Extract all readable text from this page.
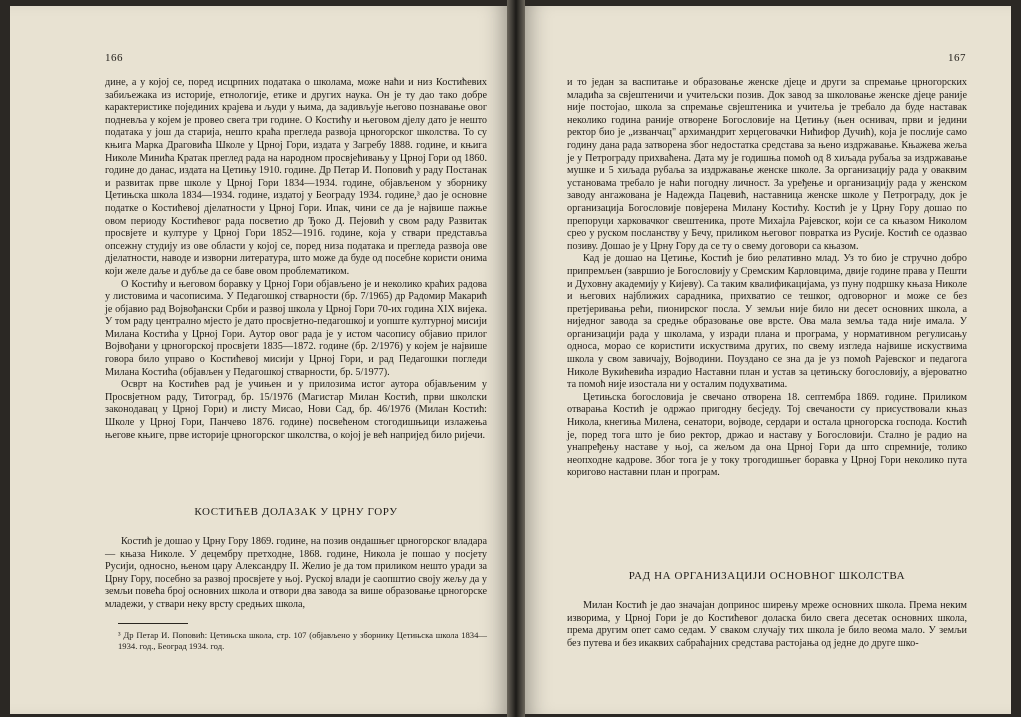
166

дине, а у којој се, поред исцрпних података о школама, може наћи и низ Костићевих забиљежака из историје, етнологије, етике и других наука. Он је ту дао тако добре карактеристике појединих крајева и људи у њима, да задивљује његово познавање овог подневља у којем је провео свега три године. О Костићу и његовом дјелу дато је нешто података у још да старија, нешто краћа прегледа развоја црногорског школства. То су књига Марка Драговића Школе у Црној Гори, издата у Загребу 1888. године, и књига Николе Минића Кратак преглед рада на народном просвјећивању у Црној Гори од 1860. године до данас, издата на Цетињу 1910. године. Др Петар И. Поповић у раду Постанак и развитак прве школе у Црној Гори 1834—1934. године, објављеном у зборнику Цетињска школа 1834—1934. године, издатој у Београду 1934. године,³ дао је основне податке о Костићевој дјелатности у Црној Гори. Ипак, чини се да је највише пажње овом периоду Костићевог рада посветио др Ђоко Д. Пејовић у свом раду Развитак просвјете и културе у Црној Гори 1852—1916. године, која у ствари представља опсежну студију из ове области у којој се, поред низа података и прегледа развоја ове дјелатности, наводе и изворни литература, што може да буде од посебне користи онима који желе даље и дубље да се баве овом проблематиком.

О Костићу и његовом боравку у Црној Гори објављено је и неколико краћих радова у листовима и часописима. У Педагошкој стварности (бр. 7/1965) др Радомир Макарић је објавио рад Војвођански Срби и развој школа у Црној Гори 70-их година XIX вијека. У том раду централно мјесто је дато просвјетно-педагошкој и уопште културној мисији Милана Костића у Црној Гори. Аутор овог рада је у истом часопису објавио прилог Војвођани у црногорској просвјети 1835—1872. године (бр. 2/1976) у којем је највише говора било управо о Костићевој мисији у Црној Гори, и рад Педагошки погледи Милана Костића (објављен у Педагошкој стварности, бр. 5/1977).

Осврт на Костићев рад је учињен и у прилозима истог аутора објављеним у Просвјетном раду, Титоград, бр. 15/1976 (Магистар Милан Костић, први школски законодавац у Црној Гори) и листу Мисао, Нови Сад, бр. 46/1976 (Милан Костић: Школе у Црној Гори, Панчево 1876. године) посвећеном стогодишњици излажења његове књиге, прве историје црногорског школства, о којој је већ напријед било ријечи.

КОСТИЋЕВ ДОЛАЗАК У ЦРНУ ГОРУ

Костић је дошао у Црну Гору 1869. године, на позив ондашњег црногорског владара — књаза Николе. У децембру претходне, 1868. године, Никола је пошао у посјету Русији, односно, њеном цару Александру II. Желио је да том приликом нешто уради за Црну Гору, посебно за развој просвјете у њој. Руској влади је саопштио своју жељу да у земљи повећа број основних школа и отвори два завода за више образовање црногорске младежи, у ствари неку врсту средњих школа,

³ Др Петар И. Поповић: Цетињска школа, стр. 107 (објављено у зборнику Цетињска школа 1834—1934. год., Београд 1934. год.
167

и то један за васпитање и образовање женске дјеце и други за спремање црногорских младића за свјештеничи и учитељски позив. Док завод за школовање женске дјеце раније није постојао, школа за спремање свјештеника и учитеља је требало да буде наставак неколико година раније отворене Богословије на Цетињу (њен оснивач, први и једини ректор био је „изванчац" архимандрит херцеговачки Нићифор Дучић), која је послије само годину дана рада затворена због недостатка средстава за њено издржавање. Књажева жеља је у Петрограду прихваћена. Дата му је годишња помоћ од 8 хиљада рубаља за издржавање мушке и 5 хиљада рубаља за издржавање женске школе. За организацију рада у оваквим установама требало је наћи погодну личност. За уређење и организацију рада у женском заводу ангажована је Надежда Пацевић, наставница женске школе у Петрограду, док је организација Богословије повјерена Милану Костићу. Костић је у Црну Гору дошао по препоруци харковачког свештеника, проте Михајла Рајевског, који се са књазом Николом срео у руском посланству у Бечу, приликом његовог повратка из Русије. Костић се одазвао позиву. Дошао је у Црну Гору да се ту о свему договори са књазом.

Кад је дошао на Цетиње, Костић је био релативно млад. Уз то био је стручно добро припремљен (завршио је Богословију у Сремским Карловцима, двије године права у Пешти и Духовну академију у Кијеву). Са таким квалификацијама, уз пуну подршку књаза Николе и његових најближих сарадника, прихватио се тешког, одговорног и може се без претјеривања рећи, пионирског посла. У земљи није било ни десет основних школа, а ниједног завода за средње образовање ове врсте. Ова мала земља тада није имала. У организацији рада у школама, у изради плана и програма, у нормативном регулисању односа, морао се користити искуствима других, по свему изгледа највише искуствима школа у свом завичају, Војводини. Поуздано се зна да је уз помоћ Рајевског и педагога Николе Вукићевића израдио Наставни план и устав за цетињску богословију, а вјероватно та помоћ није изостала ни у осталим подухватима.

Цетињска богословија је свечано отворена 18. септембра 1869. године. Приликом отварања Костић је одржао пригодну бесједу. Тој свечаности су присуствовали књаз Никола, кнегиња Милена, сенатори, војводе, сердари и остала црногорска господа. Костић је, поред тога што је био ректор, држао и наставу у Богословији. Стално је радио на унапређењу наставе у њој, са жељом да она Црној Гори да што спремније, толико неопходне кадрове. Због тога је у току трогодишњег боравка у Црној Гори неколико пута коригово наставни план и програм.

РАД НА ОРГАНИЗАЦИЈИ ОСНОВНОГ ШКОЛСТВА

Милан Костић је дао значајан допринос ширењу мреже основних школа. Према неким изворима, у Црној Гори је до Костићевог доласка било свега десетак основних школа, према другим опет само седам. У сваком случају тих школа је било веома мало. У земљи без путева и без икаквих сабраћајних средстава растојања од једне до друге шко-
